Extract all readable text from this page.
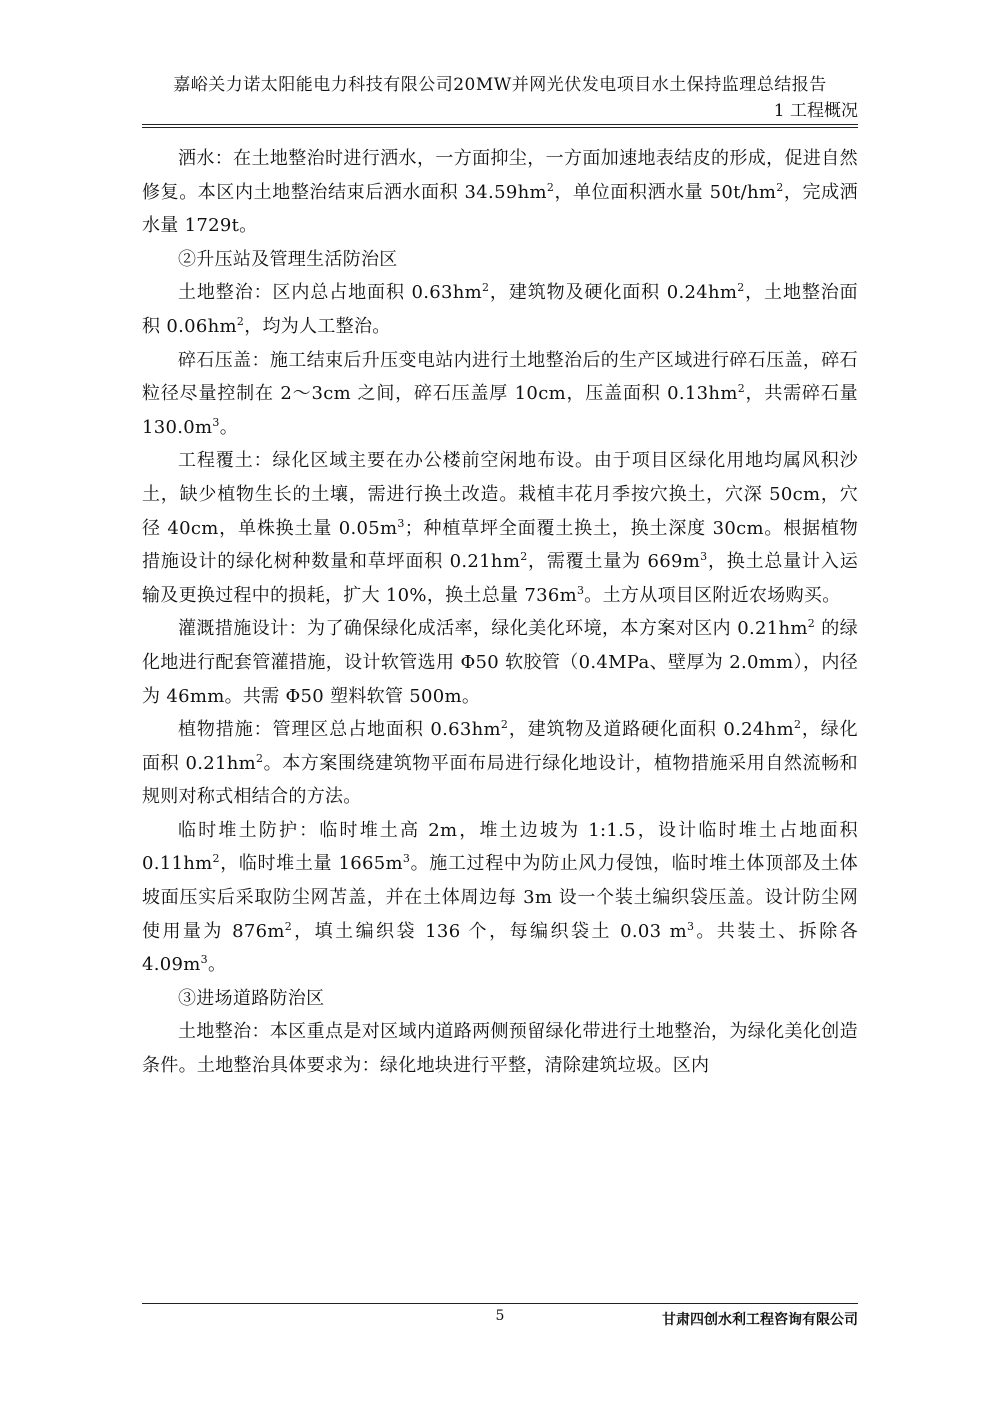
嘉峪关力诺太阳能电力科技有限公司20MW并网光伏发电项目水土保持监理总结报告
1 工程概况

洒水：在土地整治时进行洒水，一方面抑尘，一方面加速地表结皮的形成，促进自然修复。本区内土地整治结束后洒水面积 $34.59hm^2$，单位面积洒水量 $50t/hm^2$，完成洒水量 1729t。

②升压站及管理生活防治区

土地整治：区内总占地面积 $0.63hm^2$，建筑物及硬化面积 $0.24hm^2$，土地整治面积 $0.06hm^2$，均为人工整治。

碎石压盖：施工结束后升压变电站内进行土地整治后的生产区域进行碎石压盖，碎石粒径尽量控制在 2～3cm 之间，碎石压盖厚 10cm，压盖面积 $0.13hm^2$，共需碎石量 $130.0m^3$。

工程覆土：绿化区域主要在办公楼前空闲地布设。由于项目区绿化用地均属风积沙土，缺少植物生长的土壤，需进行换土改造。栽植丰花月季按穴换土，穴深 50cm，穴径 40cm，单株换土量 $0.05m^3$；种植草坪全面覆土换土，换土深度 30cm。根据植物措施设计的绿化树种数量和草坪面积 $0.21hm^2$，需覆土量为 $669m^3$，换土总量计入运输及更换过程中的损耗，扩大 10%，换土总量 $736m^3$。土方从项目区附近农场购买。

灌溉措施设计：为了确保绿化成活率，绿化美化环境，本方案对区内 $0.21hm^2$ 的绿化地进行配套管灌措施，设计软管选用 Φ50 软胶管（0.4MPa、壁厚为 2.0mm），内径为 46mm。共需 Φ50 塑料软管 500m。

植物措施：管理区总占地面积 $0.63hm^2$，建筑物及道路硬化面积 $0.24hm^2$，绿化面积 $0.21hm^2$。本方案围绕建筑物平面布局进行绿化地设计，植物措施采用自然流畅和规则对称式相结合的方法。

临时堆土防护：临时堆土高 2m，堆土边坡为 1:1.5，设计临时堆土占地面积 $0.11hm^2$，临时堆土量 $1665m^3$。施工过程中为防止风力侵蚀，临时堆土体顶部及土体坡面压实后采取防尘网苫盖，并在土体周边每 3m 设一个装土编织袋压盖。设计防尘网使用量为 $876m^2$，填土编织袋 136 个，每编织袋土 0.03 $m^3$。共装土、拆除各 $4.09m^3$。

③进场道路防治区

土地整治：本区重点是对区域内道路两侧预留绿化带进行土地整治，为绿化美化创造条件。土地整治具体要求为：绿化地块进行平整，清除建筑垃圾。区内

5	甘肃四创水利工程咨询有限公司
